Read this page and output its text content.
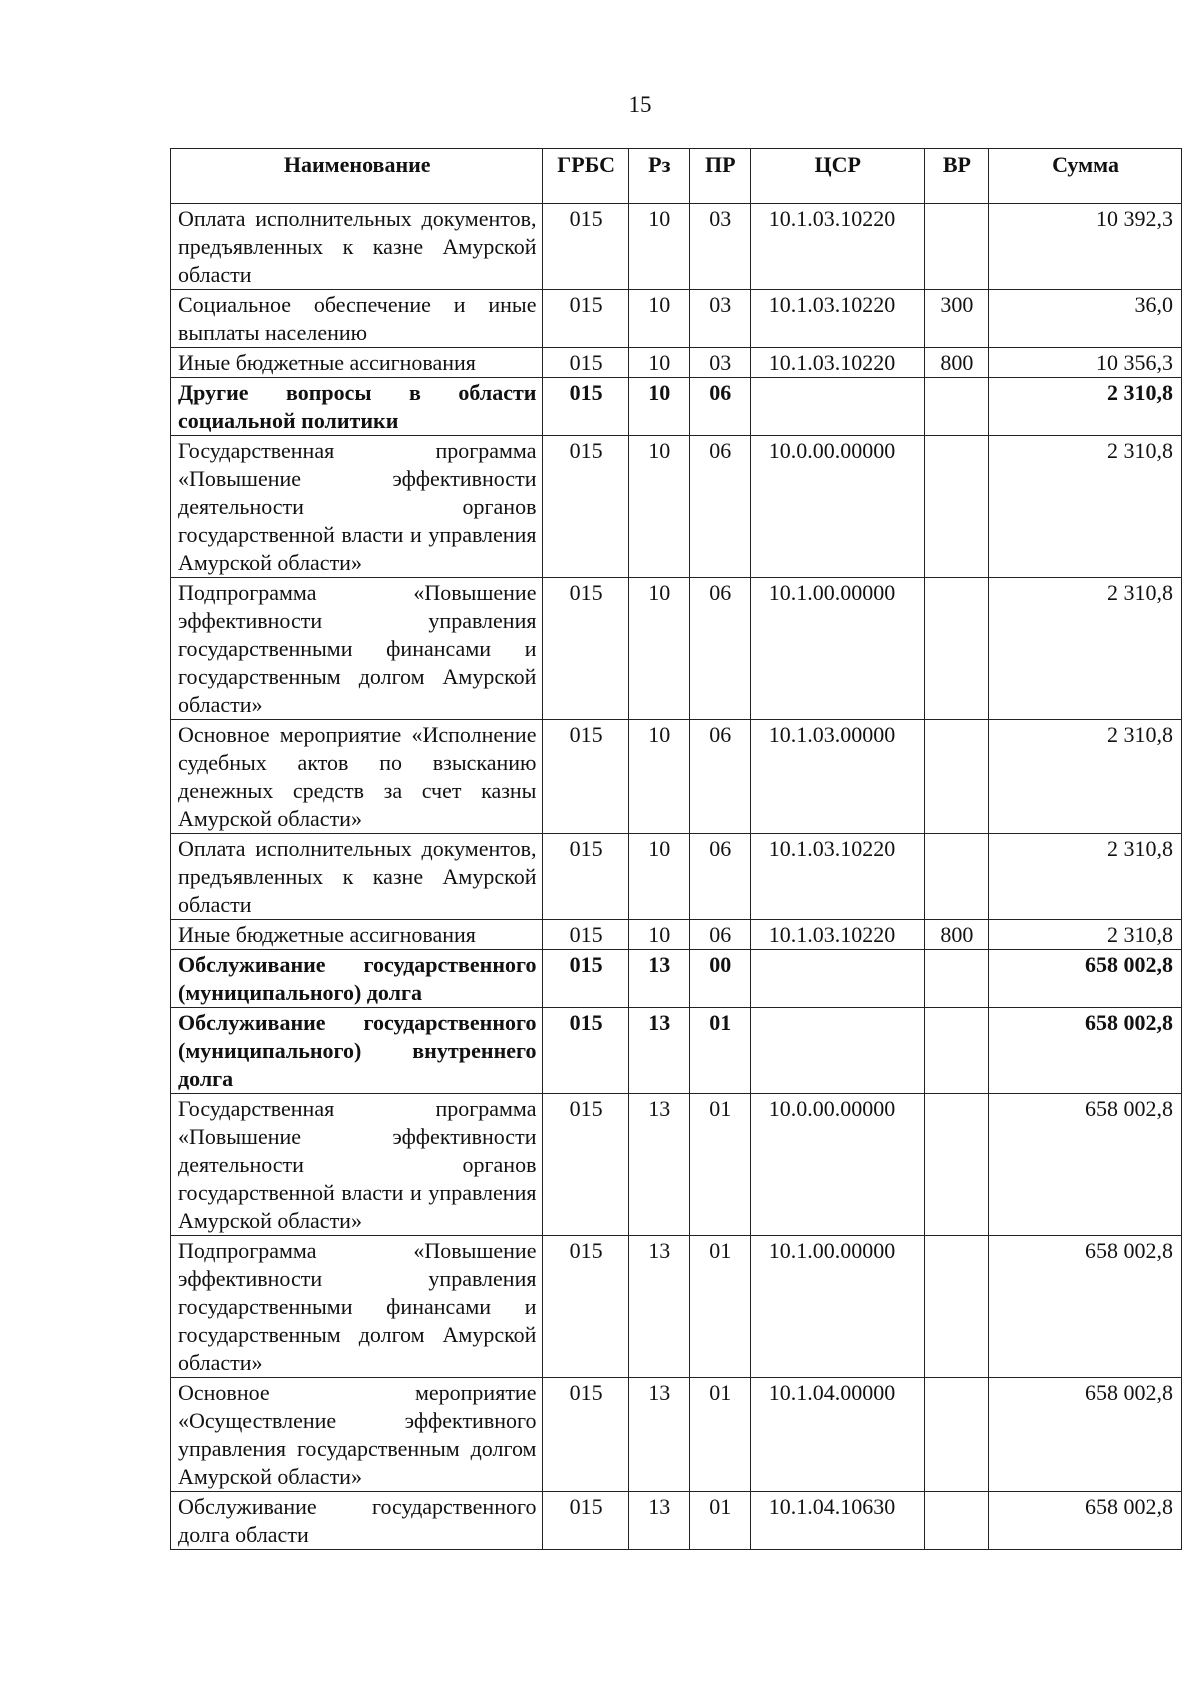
15
Наименование	ГРБС	Рз	ПР	ЦСР	ВР	Сумма
Оплата исполнительных документов, предъявленных к казне Амурской области	015	10	03	10.1.03.10220		10 392,3
Социальное обеспечение и иные выплаты населению	015	10	03	10.1.03.10220	300	36,0
Иные бюджетные ассигнования	015	10	03	10.1.03.10220	800	10 356,3
Другие вопросы в области социальной политики	015	10	06			2 310,8
Государственная программа «Повышение эффективности деятельности органов государственной власти и управления Амурской области»	015	10	06	10.0.00.00000		2 310,8
Подпрограмма «Повышение эффективности управления государственными финансами и государственным долгом Амурской области»	015	10	06	10.1.00.00000		2 310,8
Основное мероприятие «Исполнение судебных актов по взысканию денежных средств за счет казны Амурской области»	015	10	06	10.1.03.00000		2 310,8
Оплата исполнительных документов, предъявленных к казне Амурской области	015	10	06	10.1.03.10220		2 310,8
Иные бюджетные ассигнования	015	10	06	10.1.03.10220	800	2 310,8
Обслуживание государственного (муниципального) долга	015	13	00			658 002,8
Обслуживание государственного (муниципального) внутреннего долга	015	13	01			658 002,8
Государственная программа «Повышение эффективности деятельности органов государственной власти и управления Амурской области»	015	13	01	10.0.00.00000		658 002,8
Подпрограмма «Повышение эффективности управления государственными финансами и государственным долгом Амурской области»	015	13	01	10.1.00.00000		658 002,8
Основное мероприятие «Осуществление эффективного управления государственным долгом Амурской области»	015	13	01	10.1.04.00000		658 002,8
Обслуживание государственного долга области	015	13	01	10.1.04.10630		658 002,8
